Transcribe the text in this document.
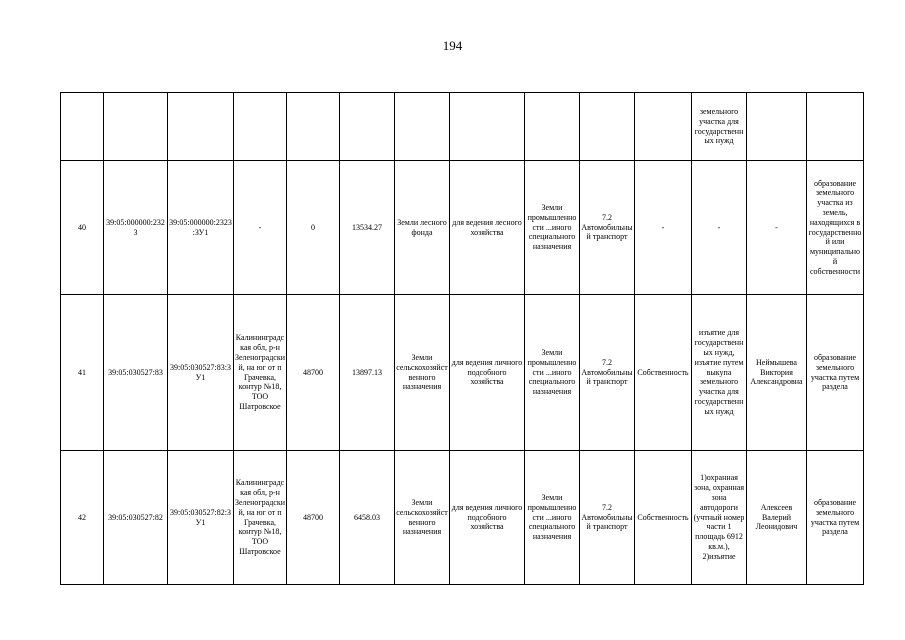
194
											земельного участка для государственных нужд		
40	39:05:000000:2323	39:05:000000:2323:ЗУ1	-	0	13534.27	Земли лесного фонда	для ведения лесного хозяйства	Земли промышленности ...иного специального назначения	7.2 Автомобильный транспорт	-	-	-	образование земельного участка из земель, находящихся в государственной или муниципальной собственности
41	39:05:030527:83	39:05:030527:83:ЗУ1	Калининградская обл, р-н Зеленоградский, на юг от п Грачевка, контур №18, ТОО Шатровское	48700	13897.13	Земли сельскохозяйственного назначения	для ведения личного подсобного хозяйства	Земли промышленности ...иного специального назначения	7.2 Автомобильный транспорт	Собственность	изъятие для государственных нужд, изъятие путем выкупа земельного участка для государственных нужд	Неймышева Виктория Александровна	образование земельного участка путем раздела
42	39:05:030527:82	39:05:030527:82:ЗУ1	Калининградская обл, р-н Зеленоградский, на юг от п Грачевка, контур №18, ТОО Шатровское	48700	6458.03	Земли сельскохозяйственного назначения	для ведения личного подсобного хозяйства	Земли промышленности ...иного специального назначения	7.2 Автомобильный транспорт	Собственность	1)охранная зона, охранная зона автодороги (учтный номер части 1 площадь 6912 кв.м.), 2)изъятие	Алексеев Валерий Леонидович	образование земельного участка путем раздела
